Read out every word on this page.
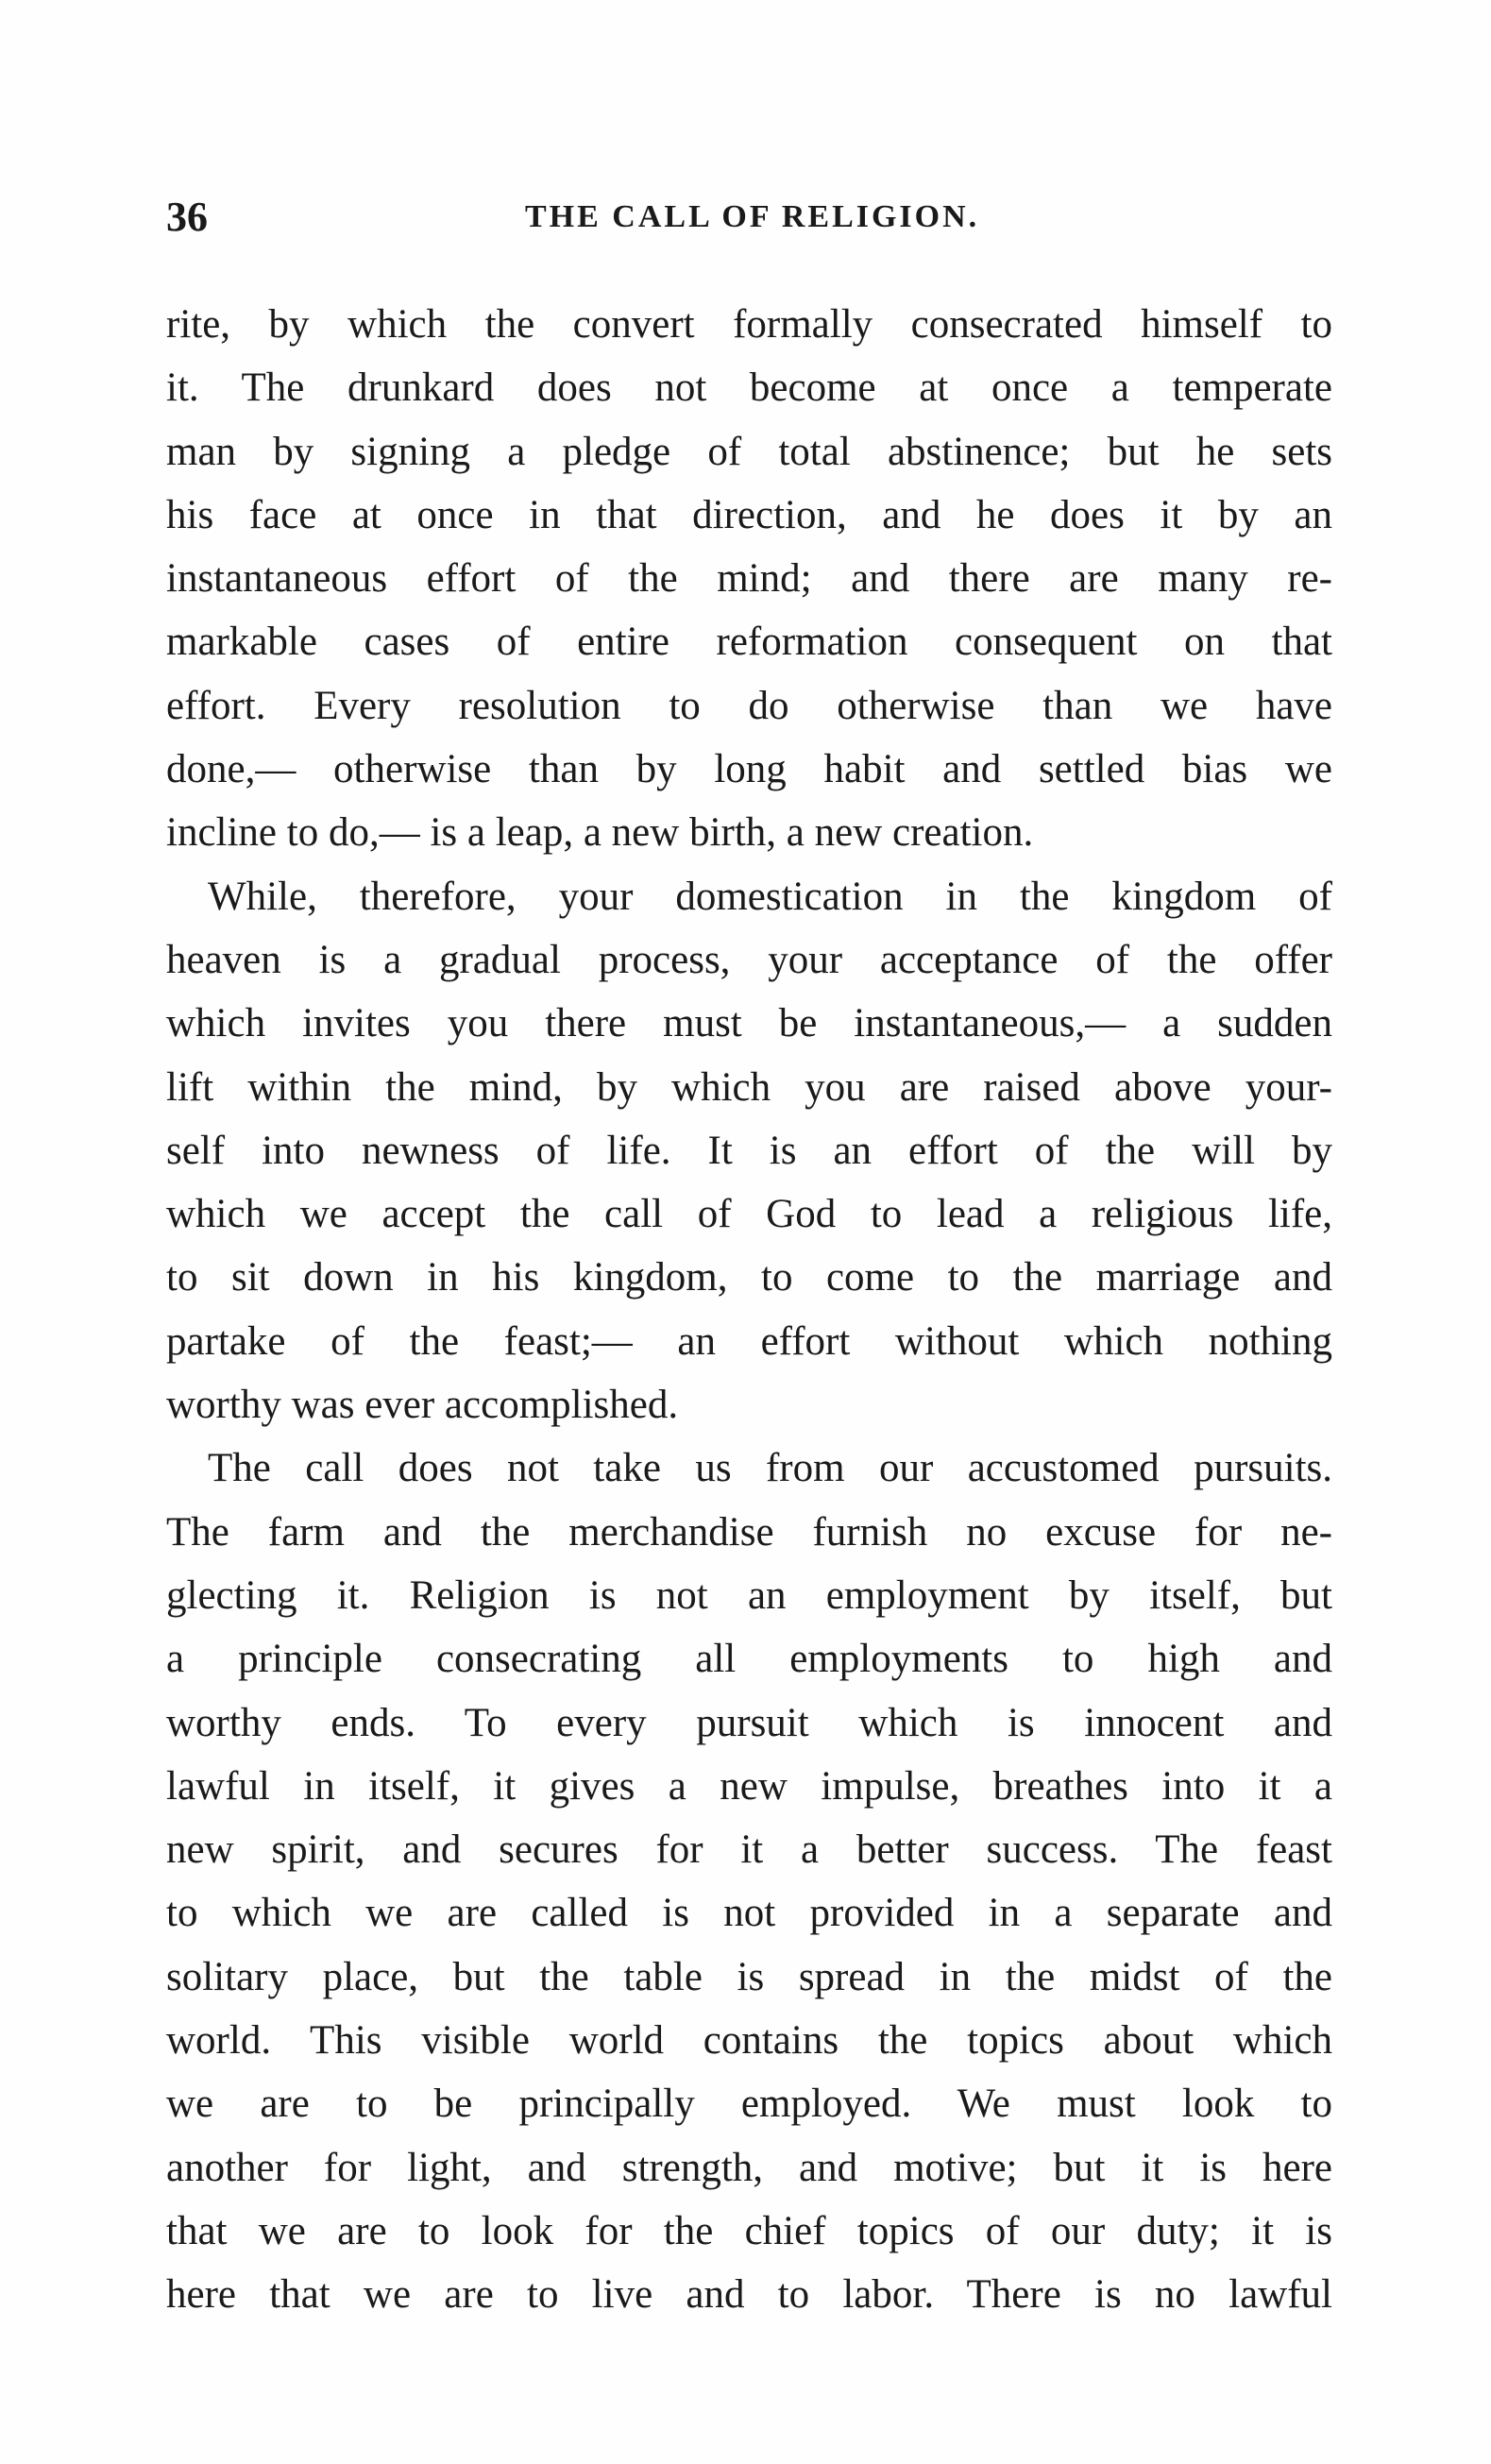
36	THE CALL OF RELIGION.
rite, by which the convert formally consecrated himself to
it. The drunkard does not become at once a temperate
man by signing a pledge of total abstinence; but he sets
his face at once in that direction, and he does it by an
instantaneous effort of the mind; and there are many re-
markable cases of entire reformation consequent on that
effort. Every resolution to do otherwise than we have
done,— otherwise than by long habit and settled bias we
incline to do,— is a leap, a new birth, a new creation.
While, therefore, your domestication in the kingdom of
heaven is a gradual process, your acceptance of the offer
which invites you there must be instantaneous,— a sudden
lift within the mind, by which you are raised above your-
self into newness of life. It is an effort of the will by
which we accept the call of God to lead a religious life,
to sit down in his kingdom, to come to the marriage and
partake of the feast;— an effort without which nothing
worthy was ever accomplished.
The call does not take us from our accustomed pursuits.
The farm and the merchandise furnish no excuse for ne-
glecting it. Religion is not an employment by itself, but
a principle consecrating all employments to high and
worthy ends. To every pursuit which is innocent and
lawful in itself, it gives a new impulse, breathes into it a
new spirit, and secures for it a better success. The feast
to which we are called is not provided in a separate and
solitary place, but the table is spread in the midst of the
world. This visible world contains the topics about which
we are to be principally employed. We must look to
another for light, and strength, and motive; but it is here
that we are to look for the chief topics of our duty; it is
here that we are to live and to labor. There is no lawful
